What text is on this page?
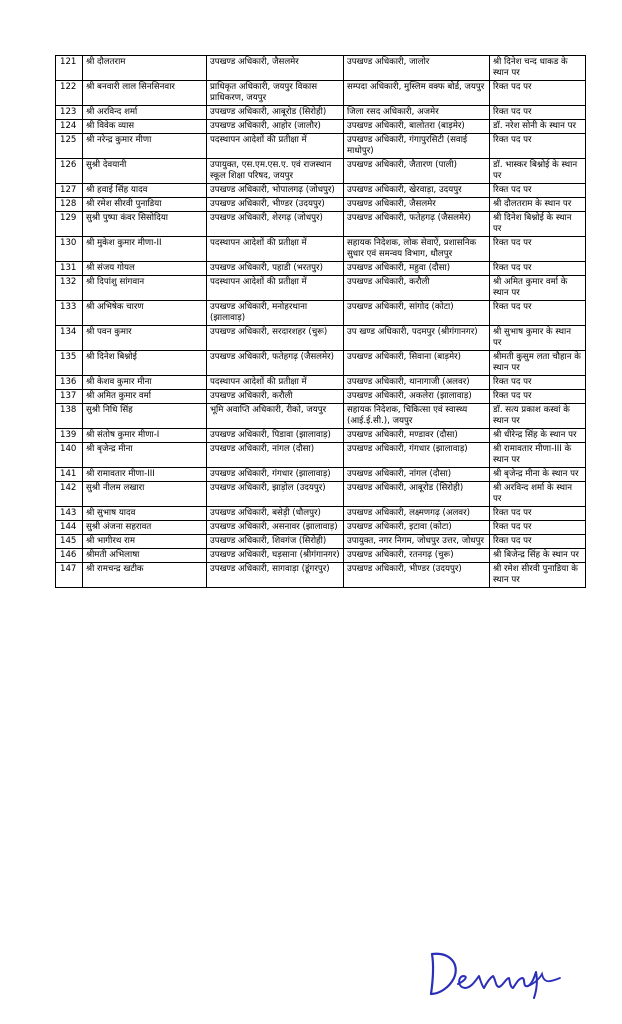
121	श्री दौलतराम	उपखण्ड अधिकारी, जैसलमेर	उपखण्ड अधिकारी, जालोर	श्री दिनेश चन्द धाकड के स्थान पर
122	श्री बनवारी लाल सिनसिनवार	प्राधिकृत अधिकारी, जयपुर विकास प्राधिकरण, जयपुर	सम्पदा अधिकारी, मुस्लिम वक्फ बोर्ड, जयपुर	रिक्त पद पर
123	श्री अरविन्द शर्मा	उपखण्ड अधिकारी, आबूरोड (सिरोही)	जिला रसद अधिकारी, अजमेर	रिक्त पद पर
124	श्री विवेक व्यास	उपखण्ड अधिकारी, आहोर (जालौर)	उपखण्ड अधिकारी, बालोतरा (बाड़मेर)	डॉ. नरेश सोनी के स्थान पर
125	श्री नरेन्द्र कुमार मीणा	पदस्थापन आदेशों की प्रतीक्षा में	उपखण्ड अधिकारी, गंगापुरसिटी (सवाई माधोपुर)	रिक्त पद पर
126	सुश्री देवयानी	उपायुक्त, एस.एम.एस.ए. एवं राजस्थान स्कूल शिक्षा परिषद, जयपुर	उपखण्ड अधिकारी, जैतारण (पाली)	डॉ. भास्कर बिश्नोई के स्थान पर
127	श्री हवाई सिंह यादव	उपखण्ड अधिकारी, भोपालगढ़ (जोधपुर)	उपखण्ड अधिकारी, खेरवाड़ा, उदयपुर	रिक्त पद पर
128	श्री रमेश सीरवी पुनाडिया	उपखण्ड अधिकारी, भीण्डर (उदयपुर)	उपखण्ड अधिकारी, जैसलमेर	श्री दौलतराम के स्थान पर
129	सुश्री पुष्पा कंवर सिसोदिया	उपखण्ड अधिकारी, शेरगढ़ (जोधपुर)	उपखण्ड अधिकारी, फतेहगढ़ (जैसलमेर)	श्री दिनेश बिश्नोई के स्थान पर
130	श्री मुकेश कुमार मीणा-II	पदस्थापन आदेशों की प्रतीक्षा में	सहायक निदेशक, लोक सेवाऐं, प्रशासनिक सुधार एवं समन्वय विभाग, धौलपुर	रिक्त पद पर
131	श्री संजय गोयल	उपखण्ड अधिकारी, पहाडी (भरतपुर)	उपखण्ड अधिकारी, महुवा (दौसा)	रिक्त पद पर
132	श्री दिपांशु सांगवान	पदस्थापन आदेशों की प्रतीक्षा में	उपखण्ड अधिकारी, करौली	श्री अमित कुमार वर्मा के स्थान पर
133	श्री अभिषेक चारण	उपखण्ड अधिकारी, मनोहरथाना (झालावाड़)	उपखण्ड अधिकारी, सांगोद (कोटा)	रिक्त पद पर
134	श्री पवन कुमार	उपखण्ड अधिकारी, सरदारशहर (चुरू)	उप खण्ड अधिकारी, पदमपुर (श्रीगंगानगर)	श्री सुभाष कुमार के स्थान पर
135	श्री दिनेश बिश्नोई	उपखण्ड अधिकारी, फतेहगढ़ (जैसलमेर)	उपखण्ड अधिकारी, सिवाना (बाड़मेर)	श्रीमती कुसुम लता चौहान के स्थान पर
136	श्री केशव कुमार मीना	पदस्थापन आदेशों की प्रतीक्षा में	उपखण्ड अधिकारी, थानागाजी (अलवर)	रिक्त पद पर
137	श्री अमित कुमार वर्मा	उपखण्ड अधिकारी, करौली	उपखण्ड अधिकारी, अकलेरा (झालावाड़)	रिक्त पद पर
138	सुश्री निधि सिंह	भूमि अवाप्ति अधिकारी, रीको, जयपुर	सहायक निदेशक, चिकित्सा एवं स्वास्थ्य (आई.ई.सी.), जयपुर	डॉ. सत्य प्रकाश कस्वां के स्थान पर
139	श्री संतोष कुमार मीणा-I	उपखण्ड अधिकारी, पिडावा (झालावाड़)	उपखण्ड अधिकारी, मण्डावर (दौसा)	श्री धीरेन्द्र सिंह के स्थान पर
140	श्री बृजेन्द्र मीना	उपखण्ड अधिकारी, नांगल (दौसा)	उपखण्ड अधिकारी, गंगधार (झालावाड़)	श्री रामावतार मीणा-III के स्थान पर
141	श्री रामावतार मीणा-III	उपखण्ड अधिकारी, गंगधार (झालावाड़)	उपखण्ड अधिकारी, नांगल (दौसा)	श्री बृजेन्द्र मीना के स्थान पर
142	सुश्री नीलम लखारा	उपखण्ड अधिकारी, झाड़ोल (उदयपुर)	उपखण्ड अधिकारी, आबूरोड (सिरोही)	श्री अरविन्द शर्मा के स्थान पर
143	श्री सुभाष यादव	उपखण्ड अधिकारी, बसेड़ी (धौलपुर)	उपखण्ड अधिकारी, लक्ष्मणगढ़ (अलवर)	रिक्त पद पर
144	सुश्री अंजना सहरावत	उपखण्ड अधिकारी, असनावर (झालावाड़)	उपखण्ड अधिकारी, इटावा (कोटा)	रिक्त पद पर
145	श्री भागीरथ राम	उपखण्ड अधिकारी, शिवगंज (सिरोही)	उपायुक्त, नगर निगम, जोधपुर उत्तर, जोधपुर	रिक्त पद पर
146	श्रीमती अभिलाषा	उपखण्ड अधिकारी, घड़साना (श्रीगंगानगर)	उपखण्ड अधिकारी, रतनगढ़ (चुरू)	श्री बिजेन्द्र सिंह के स्थान पर
147	श्री रामचन्द्र खटीक	उपखण्ड अधिकारी, सागवाड़ा (डूंगरपुर)	उपखण्ड अधिकारी, भीण्डर (उदयपुर)	श्री रमेश सीरवी पुनाडिया के स्थान पर
